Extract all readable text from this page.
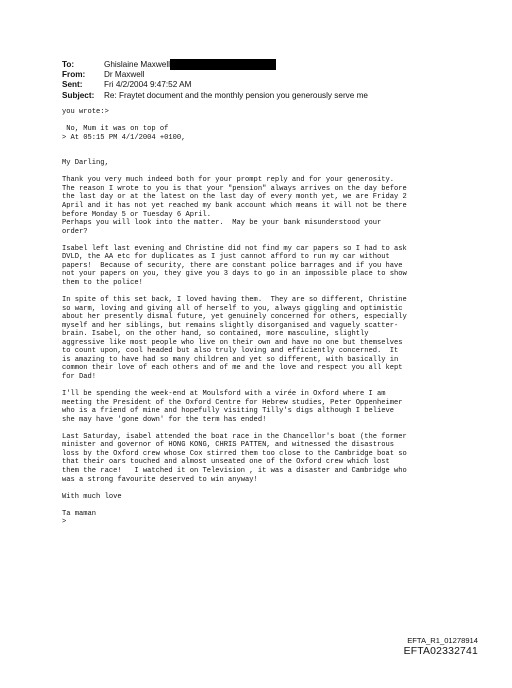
To:	Ghislaine Maxwell
From:	Dr Maxwell
Sent:	Fri 4/2/2004 9:47:52 AM
Subject:	Re: Fraytet document and the monthly pension you generously serve me
you wrote:>

No, Mum it was on top of
> At 05:15 PM 4/1/2004 +0100,

My Darling,

Thank you very much indeed both for your prompt reply and for your generosity.
The reason I wrote to you is that your "pension" always arrives on the day before
the last day or at the latest on the last day of every month yet, we are Friday 2
April and it has not yet reached my bank account which means it will not be there
before Monday 5 or Tuesday 6 April.
Perhaps you will look into the matter.  May be your bank misunderstood your
order?

Isabel left last evening and Christine did not find my car papers so I had to ask
DVLD, the AA etc for duplicates as I just cannot afford to run my car without
papers!  Because of security, there are constant police barrages and if you have
not your papers on you, they give you 3 days to go in an impossible place to show
them to the police!

In spite of this set back, I loved having them.  They are so different, Christine
so warm, loving and giving all of herself to you, always giggling and optimistic
about her presently dismal future, yet genuinely concerned for others, especially
myself and her siblings, but remains slightly disorganised and vaguely scatter-
brain. Isabel, on the other hand, so contained, more masculine, slightly
aggressive like most people who live on their own and have no one but themselves
to count upon, cool headed but also truly loving and efficiently concerned.  It
is amazing to have had so many children and yet so different, with basically in
common their love of each others and of me and the love and respect you all kept
for Dad!

I'll be spending the week-end at Moulsford with a virée in Oxford where I am
meeting the President of the Oxford Centre for Hebrew studies, Peter Oppenheimer
who is a friend of mine and hopefully visiting Tilly's digs although I believe
she may have 'gone down' for the term has ended!

Last Saturday, isabel attended the boat race in the Chancellor's boat (the former
minister and governor of HONG KONG, CHRIS PATTEN, and witnessed the disastrous
loss by the Oxford crew whose Cox stirred them too close to the Cambridge boat so
that their oars touched and almost unseated one of the Oxford crew which lost
them the race!   I watched it on Television , it was a disaster and Cambridge who
was a strong favourite deserved to win anyway!

With much love

Ta maman
>
EFTA_R1_01278914
EFTA02332741
